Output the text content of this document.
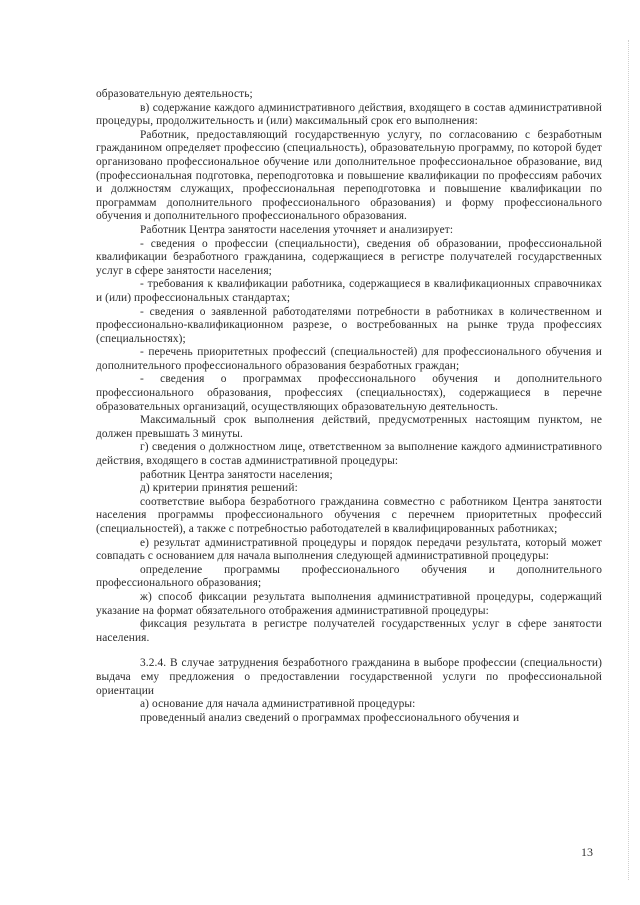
образовательную деятельность;

в) содержание каждого административного действия, входящего в состав административной процедуры, продолжительность и (или) максимальный срок его выполнения:

Работник, предоставляющий государственную услугу, по согласованию с безработным гражданином определяет профессию (специальность), образовательную программу, по которой будет организовано профессиональное обучение или дополнительное профессиональное образование, вид (профессиональная подготовка, переподготовка и повышение квалификации по профессиям рабочих и должностям служащих, профессиональная переподготовка и повышение квалификации по программам дополнительного профессионального образования) и форму профессионального обучения и дополнительного профессионального образования.

Работник Центра занятости населения уточняет и анализирует:

- сведения о профессии (специальности), сведения об образовании, профессиональной квалификации безработного гражданина, содержащиеся в регистре получателей государственных услуг в сфере занятости населения;

- требования к квалификации работника, содержащиеся в квалификационных справочниках и (или) профессиональных стандартах;

- сведения о заявленной работодателями потребности в работниках в количественном и профессионально-квалификационном разрезе, о востребованных на рынке труда профессиях (специальностях);

- перечень приоритетных профессий (специальностей) для профессионального обучения и дополнительного профессионального образования безработных граждан;

- сведения о программах профессионального обучения и дополнительного профессионального образования, профессиях (специальностях), содержащиеся в перечне образовательных организаций, осуществляющих образовательную деятельность.

Максимальный срок выполнения действий, предусмотренных настоящим пунктом, не должен превышать 3 минуты.

г) сведения о должностном лице, ответственном за выполнение каждого административного действия, входящего в состав административной процедуры:

работник Центра занятости населения;

д) критерии принятия решений:

соответствие выбора безработного гражданина совместно с работником Центра занятости населения программы профессионального обучения с перечнем приоритетных профессий (специальностей), а также с потребностью работодателей в квалифицированных работниках;

е) результат административной процедуры и порядок передачи результата, который может совпадать с основанием для начала выполнения следующей административной процедуры:

определение программы профессионального обучения и дополнительного профессионального образования;

ж) способ фиксации результата выполнения административной процедуры, содержащий указание на формат обязательного отображения административной процедуры:

фиксация результата в регистре получателей государственных услуг в сфере занятости населения.

3.2.4. В случае затруднения безработного гражданина в выборе профессии (специальности) выдача ему предложения о предоставлении государственной услуги по профессиональной ориентации

а) основание для начала административной процедуры:

проведенный анализ сведений о программах профессионального обучения и

13
